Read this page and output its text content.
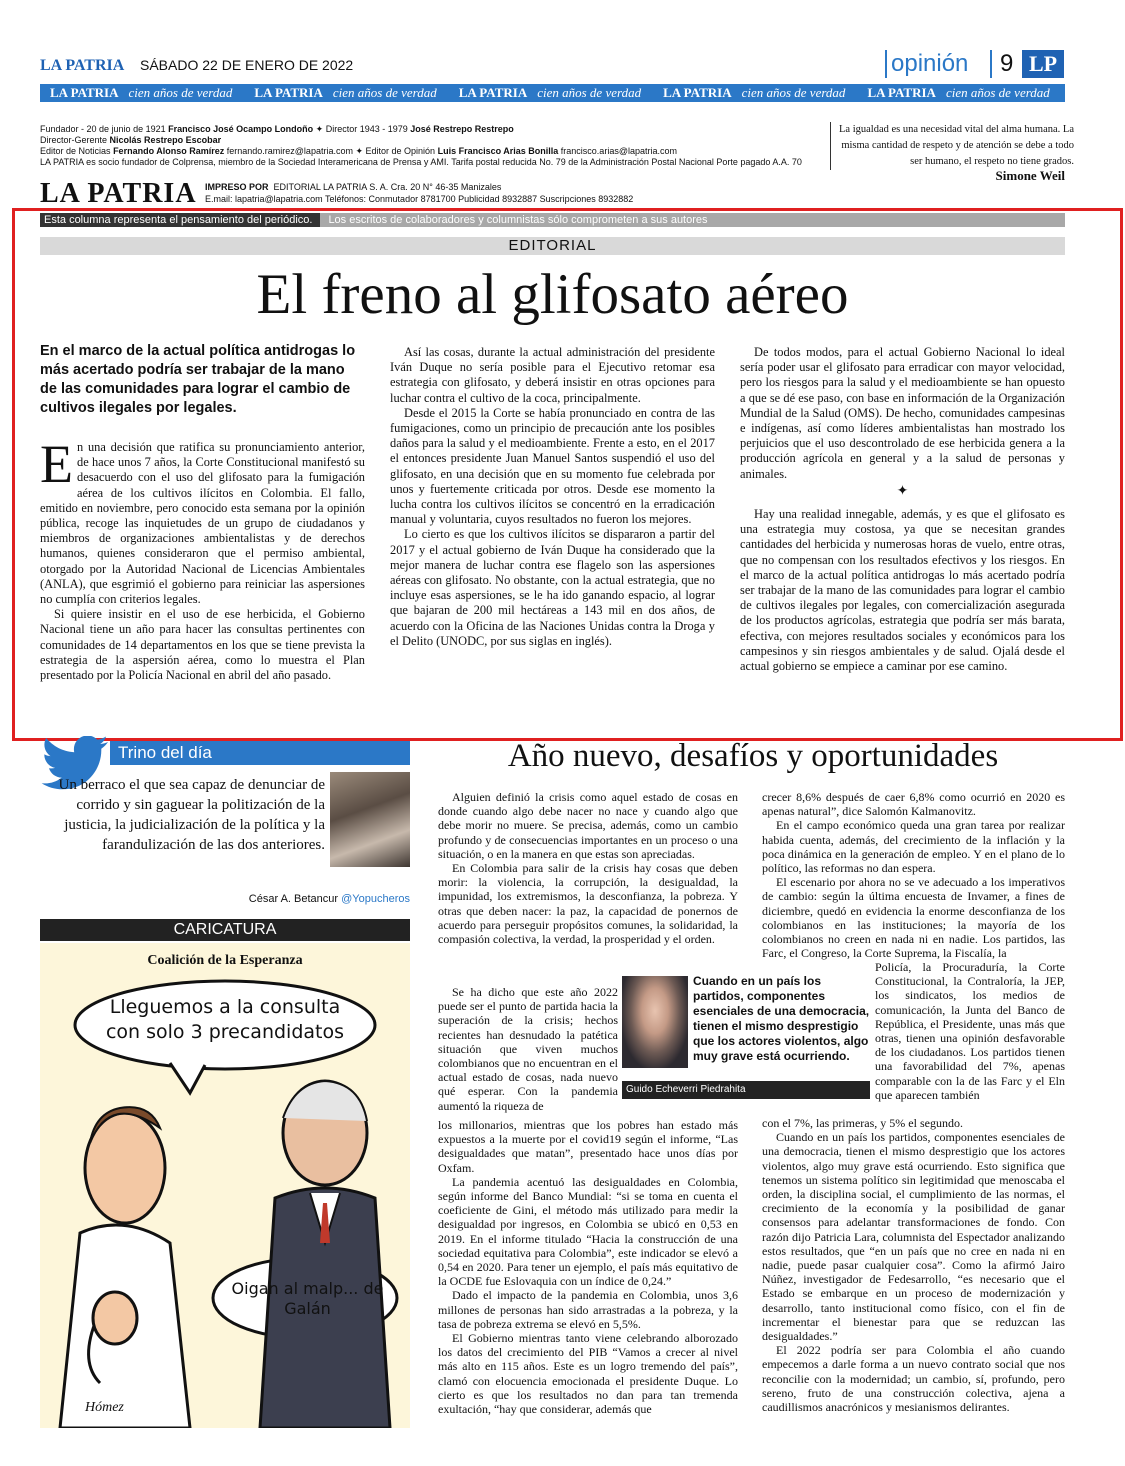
LA PATRIA SÁBADO 22 DE ENERO DE 2022	opinión	9 LP
LA PATRIA cien años de verdad LA PATRIA cien años de verdad LA PATRIA cien años de verdad LA PATRIA cien años de verdad LA PATRIA cien años de verdad
Fundador - 20 de junio de 1921 Francisco José Ocampo Londoño ✦ Director 1943 - 1979 José Restrepo Restrepo
Director-Gerente Nicolás Restrepo Escobar
Editor de Noticias Fernando Alonso Ramírez fernando.ramirez@lapatria.com ✦ Editor de Opinión Luis Francisco Arias Bonilla francisco.arias@lapatria.com
LA PATRIA es socio fundador de Colprensa, miembro de la Sociedad Interamericana de Prensa y AMI. Tarifa postal reducida No. 79 de la Administración Postal Nacional Porte pagado A.A. 70
LA PATRIA IMPRESO POR EDITORIAL LA PATRIA S. A. Cra. 20 N° 46-35 Manizales
E.mail: lapatria@lapatria.com Teléfonos: Conmutador 8781700 Publicidad 8932887 Suscripciones 8932882
La igualdad es una necesidad vital del alma humana. La misma cantidad de respeto y de atención se debe a todo ser humano, el respeto no tiene grados.
Simone Weil
Esta columna representa el pensamiento del periódico. Los escritos de colaboradores y columnistas sólo comprometen a sus autores
EDITORIAL
El freno al glifosato aéreo
En el marco de la actual política antidrogas lo más acertado podría ser trabajar de la mano de las comunidades para lograr el cambio de cultivos ilegales por legales.

En una decisión que ratifica su pronunciamiento anterior, de hace unos 7 años, la Corte Constitucional manifestó su desacuerdo con el uso del glifosato para la fumigación aérea de los cultivos ilícitos en Colombia. El fallo, emitido en noviembre, pero conocido esta semana por la opinión pública, recoge las inquietudes de un grupo de ciudadanos y miembros de organizaciones ambientalistas y de derechos humanos, quienes consideraron que el permiso ambiental, otorgado por la Autoridad Nacional de Licencias Ambientales (ANLA), que esgrimió el gobierno para reiniciar las aspersiones no cumplía con criterios legales.

Si quiere insistir en el uso de ese herbicida, el Gobierno Nacional tiene un año para hacer las consultas pertinentes con comunidades de 14 departamentos en los que se tiene prevista la estrategia de la aspersión aérea, como lo muestra el Plan presentado por la Policía Nacional en abril del año pasado.

Así las cosas, durante la actual administración del presidente Iván Duque no sería posible para el Ejecutivo retomar esa estrategia con glifosato, y deberá insistir en otras opciones para luchar contra el cultivo de la coca, principalmente.

Desde el 2015 la Corte se había pronunciado en contra de las fumigaciones, como un principio de precaución ante los posibles daños para la salud y el medioambiente. Frente a esto, en el 2017 el entonces presidente Juan Manuel Santos suspendió el uso del glifosato, en una decisión que en su momento fue celebrada por unos y fuertemente criticada por otros. Desde ese momento la lucha contra los cultivos ilícitos se concentró en la erradicación manual y voluntaria, cuyos resultados no fueron los mejores.

Lo cierto es que los cultivos ilícitos se dispararon a partir del 2017 y el actual gobierno de Iván Duque ha considerado que la mejor manera de luchar contra ese flagelo son las aspersiones aéreas con glifosato. No obstante, con la actual estrategia, que no incluye esas aspersiones, se le ha ido ganando espacio, al lograr que bajaran de 200 mil hectáreas a 143 mil en dos años, de acuerdo con la Oficina de las Naciones Unidas contra la Droga y el Delito (UNODC, por sus siglas en inglés).

De todos modos, para el actual Gobierno Nacional lo ideal sería poder usar el glifosato para erradicar con mayor velocidad, pero los riesgos para la salud y el medioambiente se han opuesto a que se dé ese paso, con base en información de la Organización Mundial de la Salud (OMS). De hecho, comunidades campesinas e indígenas, así como líderes ambientalistas han mostrado los perjuicios que el uso descontrolado de ese herbicida genera a la producción agrícola en general y a la salud de personas y animales.

✦

Hay una realidad innegable, además, y es que el glifosato es una estrategia muy costosa, ya que se necesitan grandes cantidades del herbicida y numerosas horas de vuelo, entre otras, que no compensan con los resultados efectivos y los riesgos. En el marco de la actual política antidrogas lo más acertado podría ser trabajar de la mano de las comunidades para lograr el cambio de cultivos ilegales por legales, con comercialización asegurada de los productos agrícolas, estrategia que podría ser más barata, efectiva, con mejores resultados sociales y económicos para los campesinos y sin riesgos ambientales y de salud. Ojalá desde el actual gobierno se empiece a caminar por ese camino.

Trino del día
Un berraco el que sea capaz de denunciar de corrido y sin gaguear la politización de la justicia, la judicialización de la política y la farandulización de las dos anteriores.
César A. Betancur @Yopucheros
CARICATURA
Coalición de la Esperanza
Hómez
Lleguemos a la consulta con solo 3 precandidatos
Oigan al malp... de Galán
Año nuevo, desafíos y oportunidades

Alguien definió la crisis como aquel estado de cosas en donde cuando algo debe nacer no nace y cuando algo que debe morir no muere. Se precisa, además, como un cambio profundo y de consecuencias importantes en un proceso o una situación, o en la manera en que estas son apreciadas.

En Colombia para salir de la crisis hay cosas que deben morir: la violencia, la corrupción, la desigualdad, la impunidad, los extremismos, la desconfianza, la pobreza. Y otras que deben nacer: la paz, la capacidad de ponernos de acuerdo para perseguir propósitos comunes, la solidaridad, la compasión colectiva, la verdad, la prosperidad y el orden.

Se ha dicho que este año 2022 puede ser el punto de partida hacia la superación de la crisis; hechos recientes han desnudado la patética situación que viven muchos colombianos que no encuentran en el actual estado de cosas, nada nuevo qué esperar. Con la pandemia aumentó la riqueza de

los millonarios, mientras que los pobres han estado más expuestos a la muerte por el covid19 según el informe, “Las desigualdades que matan”, presentado hace unos días por Oxfam.

La pandemia acentuó las desigualdades en Colombia, según informe del Banco Mundial: “si se toma en cuenta el coeficiente de Gini, el método más utilizado para medir la desigualdad por ingresos, en Colombia se ubicó en 0,53 en 2019. En el informe titulado “Hacia la construcción de una sociedad equitativa para Colombia”, este indicador se elevó a 0,54 en 2020. Para tener un ejemplo, el país más equitativo de la OCDE fue Eslovaquia con un índice de 0,24.”

Dado el impacto de la pandemia en Colombia, unos 3,6 millones de personas han sido arrastradas a la pobreza, y la tasa de pobreza extrema se elevó en 5,5%.

El Gobierno mientras tanto viene celebrando alborozado los datos del crecimiento del PIB “Vamos a crecer al nivel más alto en 115 años. Este es un logro tremendo del país”, clamó con elocuencia emocionada el presidente Duque. Lo cierto es que los resultados no dan para tan tremenda exultación, “hay que considerar, además que

Cuando en un país los partidos, componentes esenciales de una democracia, tienen el mismo desprestigio que los actores violentos, algo muy grave está ocurriendo.
Guido Echeverri Piedrahita

crecer 8,6% después de caer 6,8% como ocurrió en 2020 es apenas natural”, dice Salomón Kalmanovitz.

En el campo económico queda una gran tarea por realizar habida cuenta, además, del crecimiento de la inflación y la poca dinámica en la generación de empleo. Y en el plano de lo político, las reformas no dan espera.

El escenario por ahora no se ve adecuado a los imperativos de cambio: según la última encuesta de Invamer, a fines de diciembre, quedó en evidencia la enorme desconfianza de los colombianos en las instituciones; la mayoría de los colombianos no creen en nada ni en nadie. Los partidos, las Farc, el Congreso, la Corte Suprema, la Fiscalía, la

Policía, la Procuraduría, la Corte Constitucional, la Contraloría, la JEP, los sindicatos, los medios de comunicación, la Junta del Banco de República, el Presidente, unas más que otras, tienen una opinión desfavorable de los ciudadanos. Los partidos tienen una favorabilidad del 7%, apenas comparable con la de las Farc y el Eln que aparecen también

con el 7%, las primeras, y 5% el segundo.

Cuando en un país los partidos, componentes esenciales de una democracia, tienen el mismo desprestigio que los actores violentos, algo muy grave está ocurriendo. Esto significa que tenemos un sistema político sin legitimidad que menoscaba el orden, la disciplina social, el cumplimiento de las normas, el crecimiento de la economía y la posibilidad de ganar consensos para adelantar transformaciones de fondo. Con razón dijo Patricia Lara, columnista del Espectador analizando estos resultados, que “en un país que no cree en nada ni en nadie, puede pasar cualquier cosa”. Como la afirmó Jairo Núñez, investigador de Fedesarrollo, “es necesario que el Estado se embarque en un proceso de modernización y desarrollo, tanto institucional como físico, con el fin de incrementar el bienestar para que se reduzcan las desigualdades.”

El 2022 podría ser para Colombia el año cuando empecemos a darle forma a un nuevo contrato social que nos reconcilie con la modernidad; un cambio, sí, profundo, pero sereno, fruto de una construcción colectiva, ajena a caudillismos anacrónicos y mesianismos delirantes.
